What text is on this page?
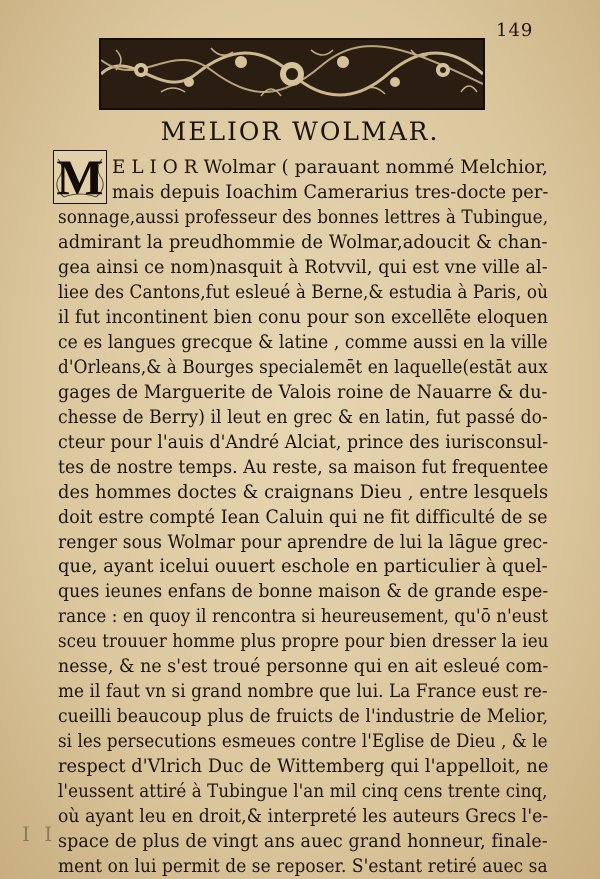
149
MELIOR WOLMAR.
M E L I O R Wolmar ( parauant nommé Melchior,
mais depuis Ioachim Camerarius tres-docte per-
sonnage,aussi professeur des bonnes lettres à Tubingue,
admirant la preudhommie de Wolmar,adoucit & chan-
gea ainsi ce nom)nasquit à Rotvvil, qui est vne ville al-
liee des Cantons,fut esleué à Berne,& estudia à Paris, où
il fut incontinent bien conu pour son excellēte eloquen
ce es langues grecque & latine , comme aussi en la ville
d'Orleans,& à Bourges specialemēt en laquelle(estāt aux
gages de Marguerite de Valois roine de Nauarre & du-
chesse de Berry) il leut en grec & en latin, fut passé do-
cteur pour l'auis d'André Alciat, prince des iurisconsul-
tes de nostre temps. Au reste, sa maison fut frequentee
des hommes doctes & craignans Dieu , entre lesquels
doit estre compté Iean Caluin qui ne fit difficulté de se
renger sous Wolmar pour aprendre de lui la lāgue grec-
que, ayant icelui ouuert eschole en particulier à quel-
ques ieunes enfans de bonne maison & de grande espe-
rance : en quoy il rencontra si heureusement, qu'ō n'eust
sceu trouuer homme plus propre pour bien dresser la ieu
nesse, & ne s'est troué personne qui en ait esleué com-
me il faut vn si grand nombre que lui. La France eust re-
cueilli beaucoup plus de fruicts de l'industrie de Melior,
si les persecutions esmeues contre l'Eglise de Dieu , & le
respect d'Vlrich Duc de Wittemberg qui l'appelloit, ne
l'eussent attiré à Tubingue l'an mil cinq cens trente cinq,
où ayant leu en droit,& interpreté les auteurs Grecs l'e-
space de plus de vingt ans auec grand honneur, finale-
ment on lui permit de se reposer. S'estant retiré auec sa
I I
